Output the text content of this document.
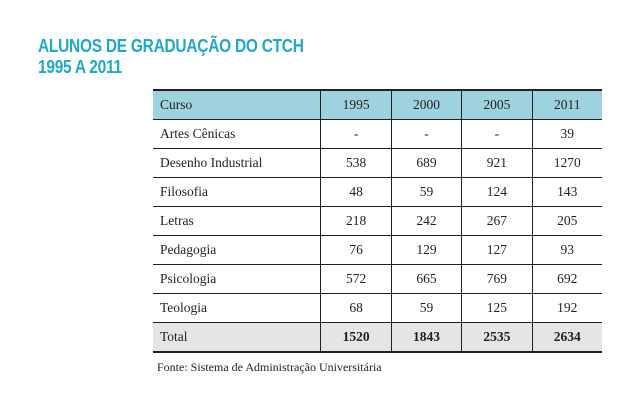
ALUNOS DE GRADUAÇÃO DO CTCH
1995 A 2011
Curso	1995	2000	2005	2011
Artes Cênicas	-	-	-	39
Desenho Industrial	538	689	921	1270
Filosofia	48	59	124	143
Letras	218	242	267	205
Pedagogia	76	129	127	93
Psicologia	572	665	769	692
Teologia	68	59	125	192
Total	1520	1843	2535	2634
Fonte: Sistema de Administração Universitária
